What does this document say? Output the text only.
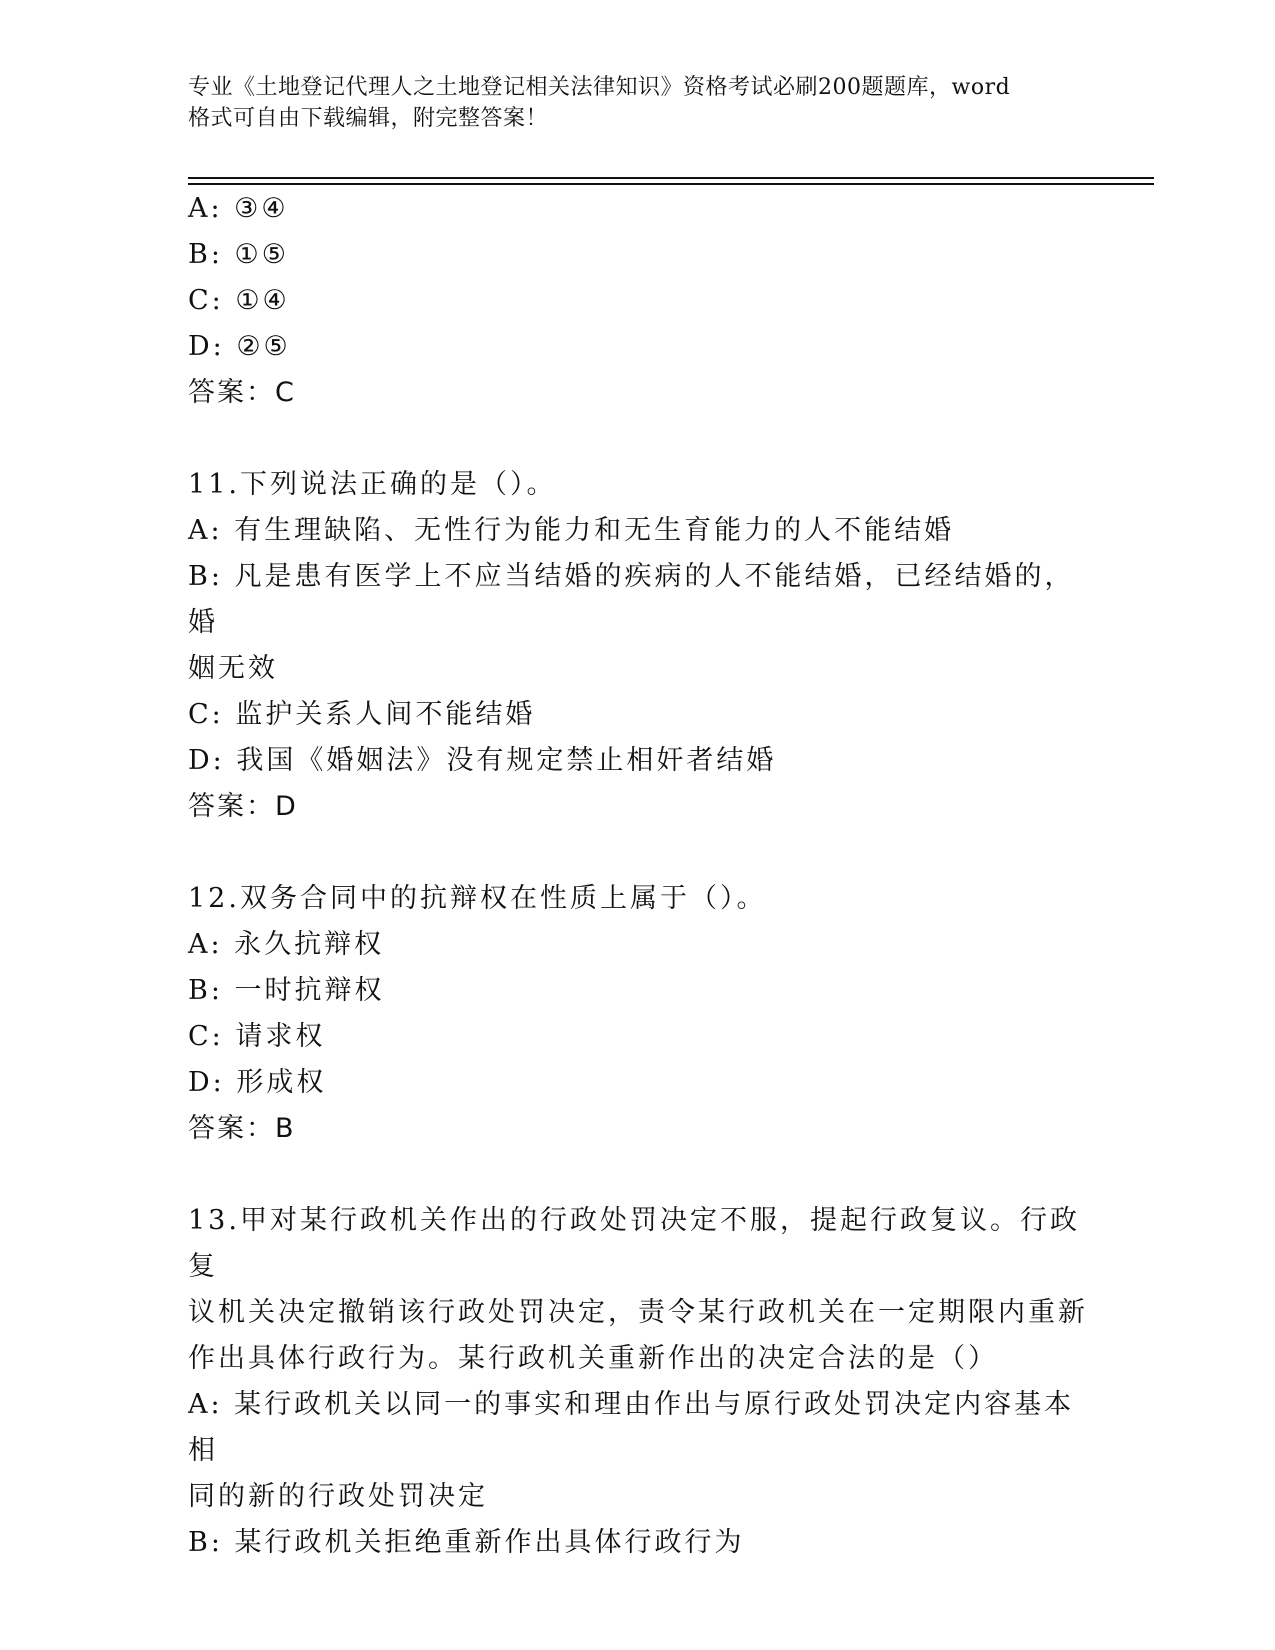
专业《土地登记代理人之土地登记相关法律知识》资格考试必刷200题题库，word
格式可自由下载编辑，附完整答案！
A: ③④
B: ①⑤
C: ①④
D: ②⑤
答案：C
11.下列说法正确的是（）。
A: 有生理缺陷、无性行为能力和无生育能力的人不能结婚
B: 凡是患有医学上不应当结婚的疾病的人不能结婚，已经结婚的，婚
姻无效
C: 监护关系人间不能结婚
D: 我国《婚姻法》没有规定禁止相奸者结婚
答案：D
12.双务合同中的抗辩权在性质上属于（）。
A: 永久抗辩权
B: 一时抗辩权
C: 请求权
D: 形成权
答案：B
13.甲对某行政机关作出的行政处罚决定不服，提起行政复议。行政复
议机关决定撤销该行政处罚决定，责令某行政机关在一定期限内重新
作出具体行政行为。某行政机关重新作出的决定合法的是（）
A: 某行政机关以同一的事实和理由作出与原行政处罚决定内容基本相
同的新的行政处罚决定
B: 某行政机关拒绝重新作出具体行政行为
